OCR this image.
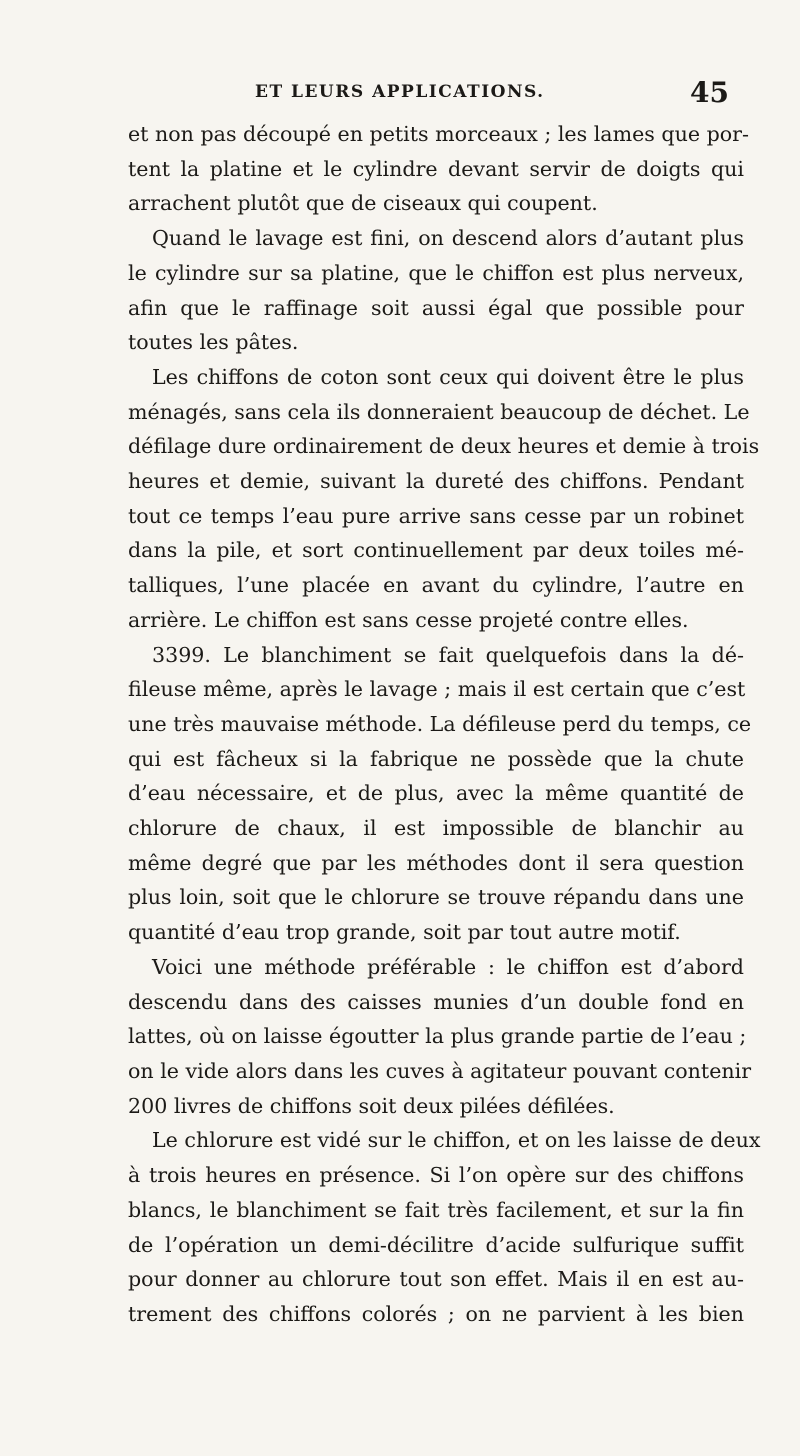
ET LEURS APPLICATIONS.	45
et non pas découpé en petits morceaux ; les lames que por-
tent la platine et le cylindre devant servir de doigts qui
arrachent plutôt que de ciseaux qui coupent.
Quand le lavage est fini, on descend alors d’autant plus
le cylindre sur sa platine, que le chiffon est plus nerveux,
afin que le raffinage soit aussi égal que possible pour
toutes les pâtes.
Les chiffons de coton sont ceux qui doivent être le plus
ménagés, sans cela ils donneraient beaucoup de déchet. Le
défilage dure ordinairement de deux heures et demie à trois
heures et demie, suivant la dureté des chiffons. Pendant
tout ce temps l’eau pure arrive sans cesse par un robinet
dans la pile, et sort continuellement par deux toiles mé-
talliques, l’une placée en avant du cylindre, l’autre en
arrière. Le chiffon est sans cesse projeté contre elles.
3399. Le blanchiment se fait quelquefois dans la dé-
fileuse même, après le lavage ; mais il est certain que c’est
une très mauvaise méthode. La défileuse perd du temps, ce
qui est fâcheux si la fabrique ne possède que la chute
d’eau nécessaire, et de plus, avec la même quantité de
chlorure de chaux, il est impossible de blanchir au
même degré que par les méthodes dont il sera question
plus loin, soit que le chlorure se trouve répandu dans une
quantité d’eau trop grande, soit par tout autre motif.
Voici une méthode préférable : le chiffon est d’abord
descendu dans des caisses munies d’un double fond en
lattes, où on laisse égoutter la plus grande partie de l’eau ;
on le vide alors dans les cuves à agitateur pouvant contenir
200 livres de chiffons soit deux pilées défilées.
Le chlorure est vidé sur le chiffon, et on les laisse de deux
à trois heures en présence. Si l’on opère sur des chiffons
blancs, le blanchiment se fait très facilement, et sur la fin
de l’opération un demi-décilitre d’acide sulfurique suffit
pour donner au chlorure tout son effet. Mais il en est au-
trement des chiffons colorés ; on ne parvient à les bien
